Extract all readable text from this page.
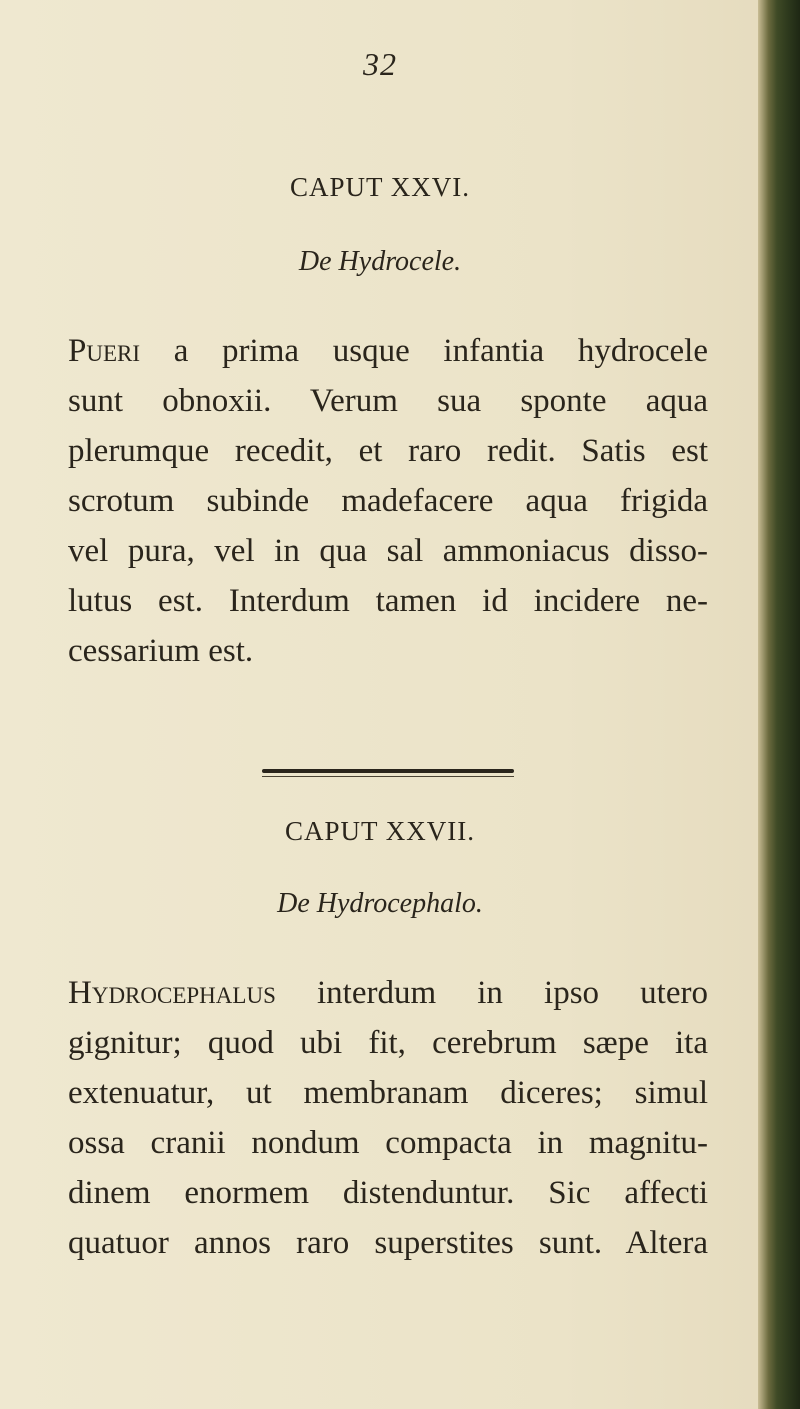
32
CAPUT XXVI.
De Hydrocele.
Pueri a prima usque infantia hydrocele
sunt obnoxii. Verum sua sponte aqua
plerumque recedit, et raro redit. Satis est
scrotum subinde madefacere aqua frigida
vel pura, vel in qua sal ammoniacus disso-
lutus est. Interdum tamen id incidere ne-
cessarium est.
CAPUT XXVII.
De Hydrocephalo.
Hydrocephalus interdum in ipso utero
gignitur; quod ubi fit, cerebrum sæpe ita
extenuatur, ut membranam diceres; simul
ossa cranii nondum compacta in magnitu-
dinem enormem distenduntur. Sic affecti
quatuor annos raro superstites sunt. Altera
